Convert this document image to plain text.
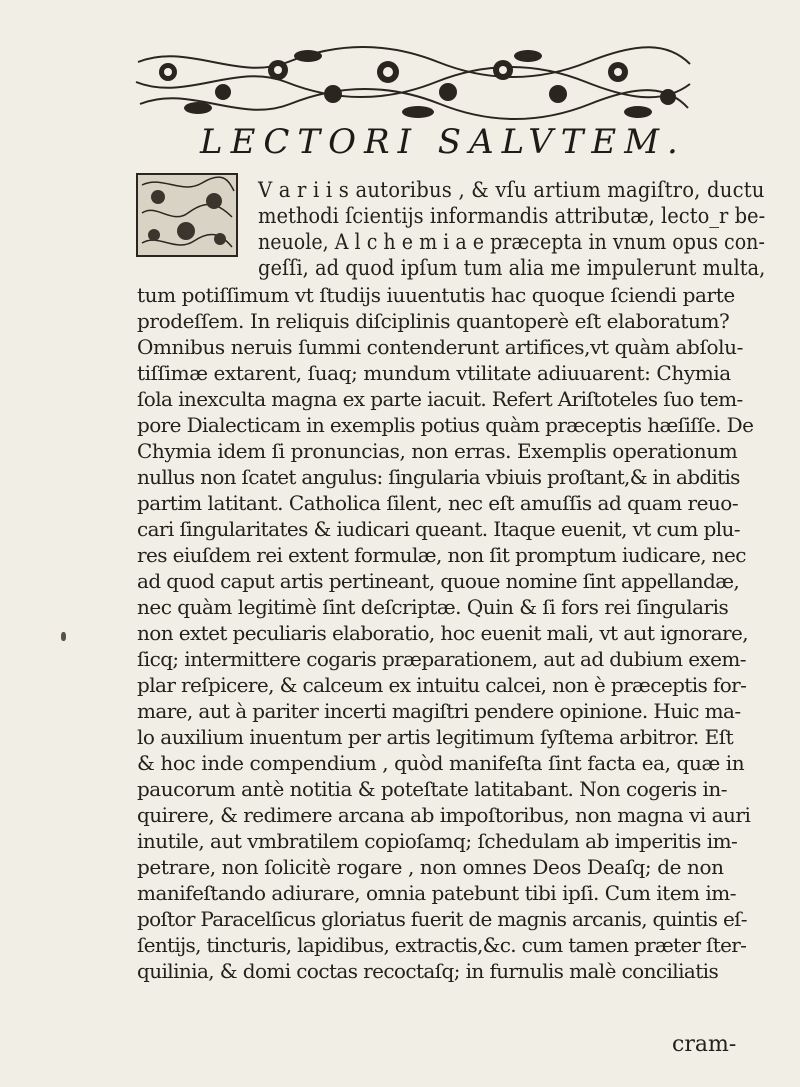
LECTORI SALVTEM.
V a r i i s autoribus , & vſu artium magiſtro, ductu
methodi ſcientijs informandis attributæ, lecto_r be-
neuole, A l c h e m i a e præcepta in vnum opus con-
geſſi, ad quod ipſum tum alia me impulerunt multa,
tum potiſſimum vt ſtudijs iuuentutis hac quoque ſciendi parte
prodeſſem. In reliquis diſciplinis quantoperè eſt elaboratum?
Omnibus neruis ſummi contenderunt artifices,vt quàm abſolu-
tiſſimæ extarent, ſuaq; mundum vtilitate adiuuarent: Chymia
ſola inexculta magna ex parte iacuit. Refert Ariſtoteles ſuo tem-
pore Dialecticam in exemplis potius quàm præceptis hæſiſſe. De
Chymia idem ſi pronuncias, non erras. Exemplis operationum
nullus non ſcatet angulus: ſingularia vbiuis proſtant,& in abditis
partim latitant. Catholica ſilent, nec eſt amuſſis ad quam reuo-
cari ſingularitates & iudicari queant. Itaque euenit, vt cum plu-
res eiuſdem rei extent formulæ, non ſit promptum iudicare, nec
ad quod caput artis pertineant, quoue nomine ſint appellandæ,
nec quàm legitimè ſint deſcriptæ. Quin & ſi fors rei ſingularis
non extet peculiaris elaboratio, hoc euenit mali, vt aut ignorare,
ſicq; intermittere cogaris præparationem, aut ad dubium exem-
plar reſpicere, & calceum ex intuitu calcei, non è præceptis for-
mare, aut à pariter incerti magiſtri pendere opinione. Huic ma-
lo auxilium inuentum per artis legitimum ſyſtema arbitror. Eſt
& hoc inde compendium , quòd manifeſta ſint facta ea, quæ in
paucorum antè notitia & poteſtate latitabant. Non cogeris in-
quirere, & redimere arcana ab impoſtoribus, non magna vi auri
inutile, aut vmbratilem copioſamq; ſchedulam ab imperitis im-
petrare, non ſolicitè rogare , non omnes Deos Deaſq; de non
manifeſtando adiurare, omnia patebunt tibi ipſi. Cum item im-
poſtor Paracelſicus gloriatus fuerit de magnis arcanis, quintis eſ-
ſentijs, tincturis, lapidibus, extractis,&c. cum tamen præter ſter-
quilinia, & domi coctas recoctaſq; in furnulis malè conciliatis
cram-
